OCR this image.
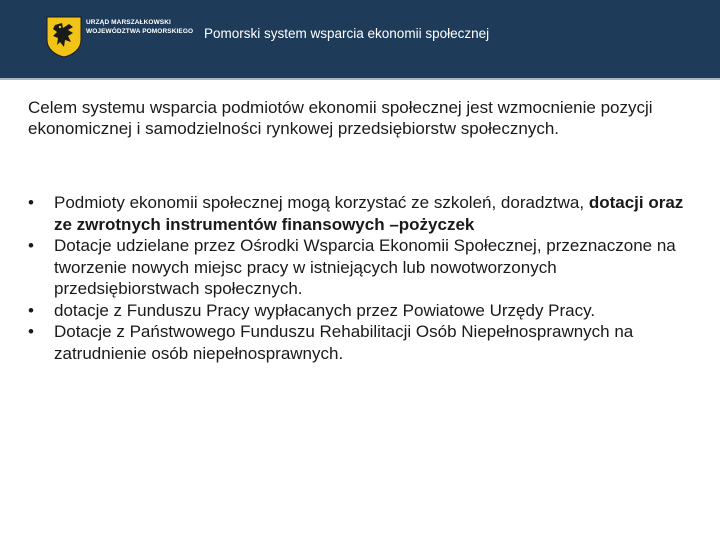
URZĄD MARSZAŁKOWSKI
WOJEWÓDZTWA POMORSKIEGO Pomorski system wsparcia ekonomii społecznej

Celem systemu wsparcia podmiotów ekonomii społecznej jest wzmocnienie pozycji ekonomicznej i samodzielności rynkowej przedsiębiorstw społecznych.

• Podmioty ekonomii społecznej mogą korzystać ze szkoleń, doradztwa, dotacji oraz ze zwrotnych instrumentów finansowych –pożyczek
• Dotacje udzielane przez Ośrodki Wsparcia Ekonomii Społecznej, przeznaczone na tworzenie nowych miejsc pracy w istniejących lub nowotworzonych przedsiębiorstwach społecznych.
• dotacje z Funduszu Pracy wypłacanych przez Powiatowe Urzędy Pracy.
• Dotacje z Państwowego Funduszu Rehabilitacji Osób Niepełnosprawnych na zatrudnienie osób niepełnosprawnych.
